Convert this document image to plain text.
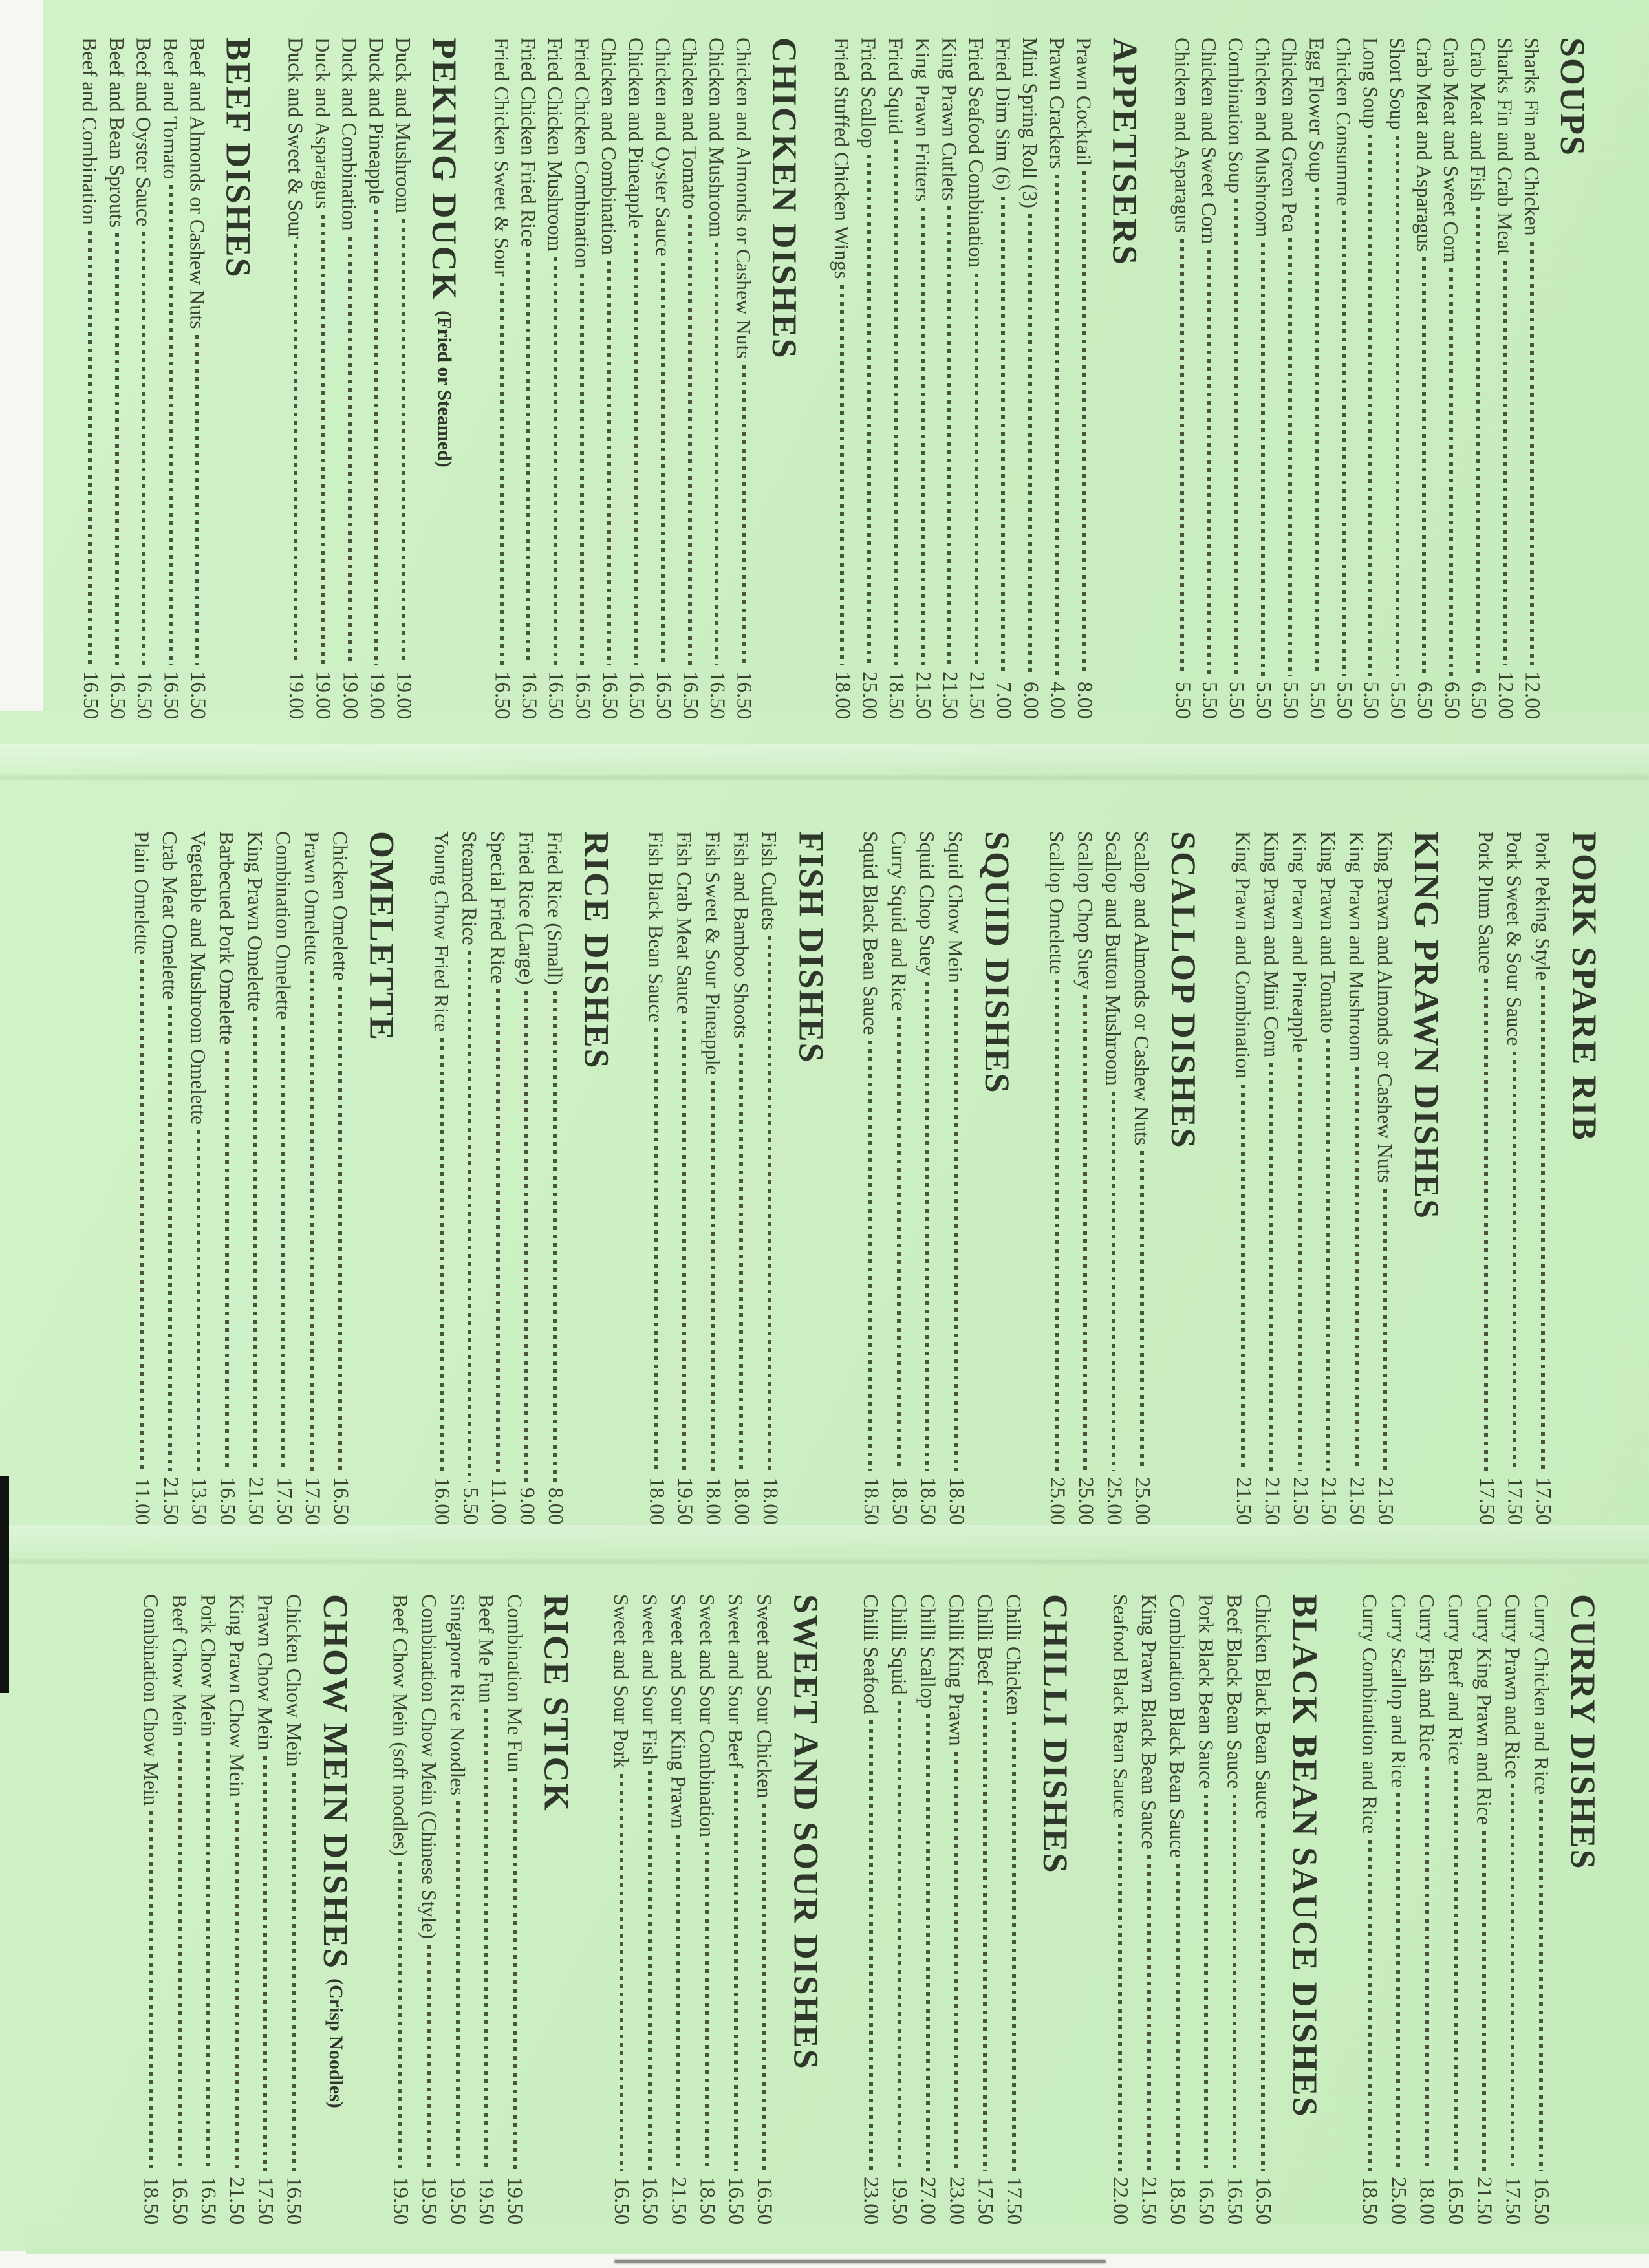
SOUPS
Sharks Fin and Chicken
12.00
Sharks Fin and Crab Meat
12.00
Crab Meat and Fish
6.50
Crab Meat and Sweet Corn
6.50
Crab Meat and Asparagus
6.50
Short Soup
5.50
Long Soup
5.50
Chicken Consumme
5.50
Egg Flower Soup
5.50
Chicken and Green Pea
5.50
Chicken and Mushroom
5.50
Combination Soup
5.50
Chicken and Sweet Corn
5.50
Chicken and Asparagus
5.50
APPETISERS
Prawn Cocktail
8.00
Prawn Crackers
4.00
Mini Spring Roll (3)
6.00
Fried Dim Sim (6)
7.00
Fried Seafood Combination
21.50
King Prawn Cutlets
21.50
King Prawn Fritters
21.50
Fried Squid
18.50
Fried Scallop
25.00
Fried Stuffed Chicken Wings
18.00
CHICKEN DISHES
Chicken and Almonds or Cashew Nuts
16.50
Chicken and Mushroom
16.50
Chicken and Tomato
16.50
Chicken and Oyster Sauce
16.50
Chicken and Pineapple
16.50
Chicken and Combination
16.50
Fried Chicken Combination
16.50
Fried Chicken Mushroom
16.50
Fried Chicken Fried Rice
16.50
Fried Chicken Sweet & Sour
16.50
PEKING DUCK(Fried or Steamed)
Duck and Mushroom
19.00
Duck and Pineapple
19.00
Duck and Combination
19.00
Duck and Asparagus
19.00
Duck and Sweet & Sour
19.00
BEEF DISHES
Beef and Almonds or Cashew Nuts
16.50
Beef and Tomato
16.50
Beef and Oyster Sauce
16.50
Beef and Bean Sprouts
16.50
Beef and Combination
16.50
PORK SPARE RIB
Pork Peking Style
17.50
Pork Sweet & Sour Sauce
17.50
Pork Plum Sauce
17.50
KING PRAWN DISHES
King Prawn and Almonds or Cashew Nuts
21.50
King Prawn and Mushroom
21.50
King Prawn and Tomato
21.50
King Prawn and Pineapple
21.50
King Prawn and Mini Corn
21.50
King Prawn and Combination
21.50
SCALLOP DISHES
Scallop and Almonds or Cashew Nuts
25.00
Scallop and Button Mushroom
25.00
Scallop Chop Suey
25.00
Scallop Omelette
25.00
SQUID DISHES
Squid Chow Mein
18.50
Squid Chop Suey
18.50
Curry Squid and Rice
18.50
Squid Black Bean Sauce
18.50
FISH DISHES
Fish Cutlets
18.00
Fish and Bamboo Shoots
18.00
Fish Sweet & Sour Pineapple
18.00
Fish Crab Meat Sauce
19.50
Fish Black Bean Sauce
18.00
RICE DISHES
Fried Rice (Small)
8.00
Fried Rice (Large)
9.00
Special Fried Rice
11.00
Steamed Rice
5.50
Young Chow Fried Rice
16.00
OMELETTE
Chicken Omelette
16.50
Prawn Omelette
17.50
Combination Omelette
17.50
King Prawn Omelette
21.50
Barbecued Pork Omelette
16.50
Vegetable and Mushroom Omelette
13.50
Crab Meat Omelette
21.50
Plain Omelette
11.00
CURRY DISHES
Curry Chicken and Rice
16.50
Curry Prawn and Rice
17.50
Curry King Prawn and Rice
21.50
Curry Beef and Rice
16.50
Curry Fish and Rice
18.00
Curry Scallop and Rice
25.00
Curry Combination and Rice
18.50
BLACK BEAN SAUCE DISHES
Chicken Black Bean Sauce
16.50
Beef Black Bean Sauce
16.50
Pork Black Bean Sauce
16.50
Combination Black Bean Sauce
18.50
King Prawn Black Bean Sauce
21.50
Seafood Black Bean Sauce
22.00
CHILLI DISHES
Chilli Chicken
17.50
Chilli Beef
17.50
Chilli King Prawn
23.00
Chilli Scallop
27.00
Chilli Squid
19.50
Chilli Seafood
23.00
SWEET AND SOUR DISHES
Sweet and Sour Chicken
16.50
Sweet and Sour Beef
16.50
Sweet and Sour Combination
18.50
Sweet and Sour King Prawn
21.50
Sweet and Sour Fish
16.50
Sweet and Sour Pork
16.50
RICE STICK
Combination Me Fun
19.50
Beef Me Fun
19.50
Singapore Rice Noodles
19.50
Combination Chow Mein (Chinese Style)
19.50
Beef Chow Mein (soft noodles)
19.50
CHOW MEIN DISHES(Crisp Noodles)
Chicken Chow Mein
16.50
Prawn Chow Mein
17.50
King Prawn Chow Mein
21.50
Pork Chow Mein
16.50
Beef Chow Mein
16.50
Combination Chow Mein
18.50
